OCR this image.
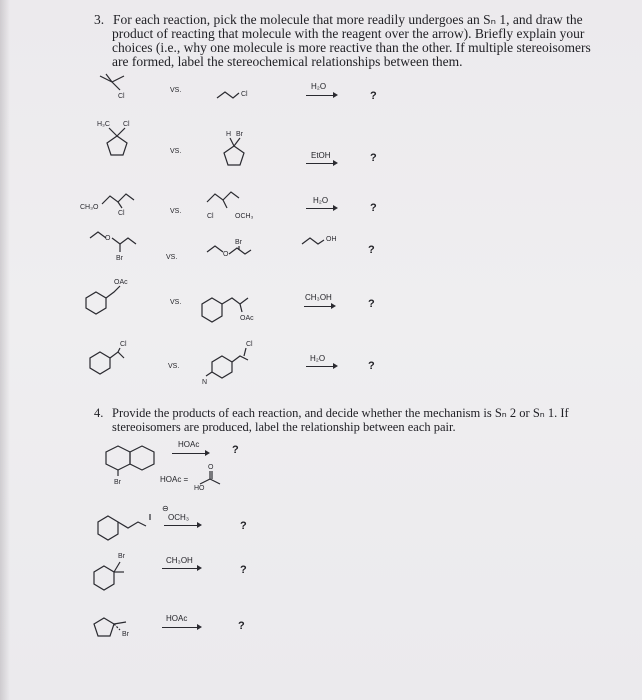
3. For each reaction, pick the molecule that more readily undergoes an Sₙ 1, and draw the
product of reacting that molecule with the reagent over the arrow). Briefly explain your
choices (i.e., why one molecule is more reactive than the other. If multiple stereoisomers
are formed, label the stereochemical relationships between them.
Cl
VS.
Cl
H₂O
?
H₃C Cl
VS.
H Br
EtOH	?
CH₃O
Cl	VS.
Cl	OCH₃
H₂O
?
O
Br	VS.
Br
O
OH
?
OAc
VS.
OAc
CH₃OH
?
Cl
VS.
Cl
N
H₂O
?
4. Provide the products of each reaction, and decide whether the mechanism is Sₙ 2 or Sₙ 1. If
stereoisomers are produced, label the relationship between each pair.
Br
HOAc	?
HOAc =
O
HO
⊖
OCH₃
?
Br	CH₃OH
?
Br
HOAc
?
